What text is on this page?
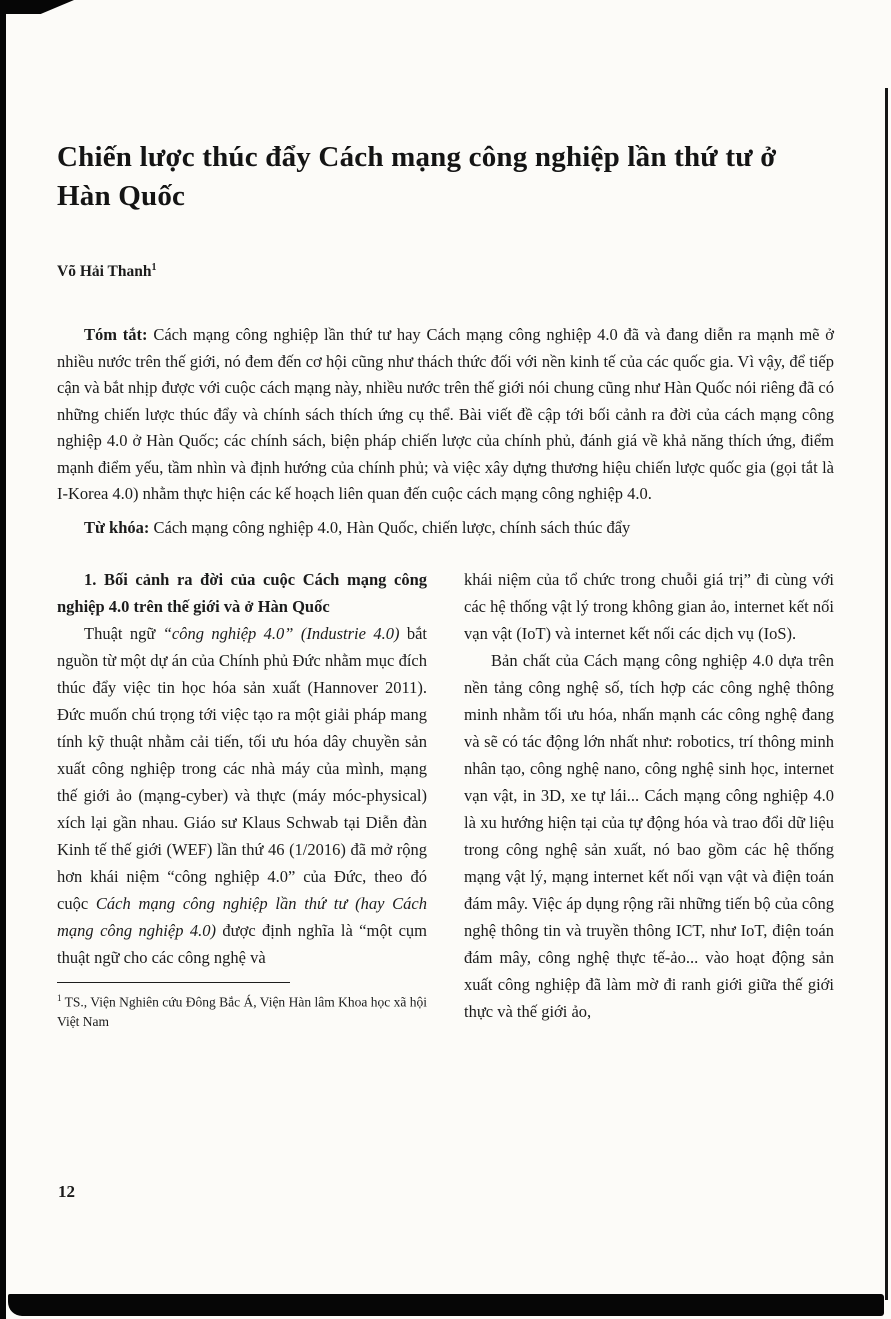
Chiến lược thúc đẩy Cách mạng công nghiệp lần thứ tư ở Hàn Quốc

Võ Hải Thanh$^1$

Tóm tắt: Cách mạng công nghiệp lần thứ tư hay Cách mạng công nghiệp 4.0 đã và đang diễn ra mạnh mẽ ở nhiều nước trên thế giới, nó đem đến cơ hội cũng như thách thức đối với nền kinh tế của các quốc gia. Vì vậy, để tiếp cận và bắt nhịp được với cuộc cách mạng này, nhiều nước trên thế giới nói chung cũng như Hàn Quốc nói riêng đã có những chiến lược thúc đẩy và chính sách thích ứng cụ thể. Bài viết đề cập tới bối cảnh ra đời của cách mạng công nghiệp 4.0 ở Hàn Quốc; các chính sách, biện pháp chiến lược của chính phủ, đánh giá về khả năng thích ứng, điểm mạnh điểm yếu, tầm nhìn và định hướng của chính phủ; và việc xây dựng thương hiệu chiến lược quốc gia (gọi tắt là I-Korea 4.0) nhằm thực hiện các kế hoạch liên quan đến cuộc cách mạng công nghiệp 4.0.

Từ khóa: Cách mạng công nghiệp 4.0, Hàn Quốc, chiến lược, chính sách thúc đẩy

1. Bối cảnh ra đời của cuộc Cách mạng công nghiệp 4.0 trên thế giới và ở Hàn Quốc

Thuật ngữ “công nghiệp 4.0” (Industrie 4.0) bắt nguồn từ một dự án của Chính phủ Đức nhằm mục đích thúc đẩy việc tin học hóa sản xuất (Hannover 2011). Đức muốn chú trọng tới việc tạo ra một giải pháp mang tính kỹ thuật nhằm cải tiến, tối ưu hóa dây chuyền sản xuất công nghiệp trong các nhà máy của mình, mạng thế giới ảo (mạng-cyber) và thực (máy móc-physical) xích lại gần nhau. Giáo sư Klaus Schwab tại Diễn đàn Kinh tế thế giới (WEF) lần thứ 46 (1/2016) đã mở rộng hơn khái niệm “công nghiệp 4.0” của Đức, theo đó cuộc Cách mạng công nghiệp lần thứ tư (hay Cách mạng công nghiệp 4.0) được định nghĩa là “một cụm thuật ngữ cho các công nghệ và

$^1$ TS., Viện Nghiên cứu Đông Bắc Á, Viện Hàn lâm Khoa học xã hội Việt Nam

khái niệm của tổ chức trong chuỗi giá trị” đi cùng với các hệ thống vật lý trong không gian ảo, internet kết nối vạn vật (IoT) và internet kết nối các dịch vụ (IoS).

Bản chất của Cách mạng công nghiệp 4.0 dựa trên nền tảng công nghệ số, tích hợp các công nghệ thông minh nhằm tối ưu hóa, nhấn mạnh các công nghệ đang và sẽ có tác động lớn nhất như: robotics, trí thông minh nhân tạo, công nghệ nano, công nghệ sinh học, internet vạn vật, in 3D, xe tự lái... Cách mạng công nghiệp 4.0 là xu hướng hiện tại của tự động hóa và trao đổi dữ liệu trong công nghệ sản xuất, nó bao gồm các hệ thống mạng vật lý, mạng internet kết nối vạn vật và điện toán đám mây. Việc áp dụng rộng rãi những tiến bộ của công nghệ thông tin và truyền thông ICT, như IoT, điện toán đám mây, công nghệ thực tế-ảo... vào hoạt động sản xuất công nghiệp đã làm mờ đi ranh giới giữa thế giới thực và thế giới ảo,

12
